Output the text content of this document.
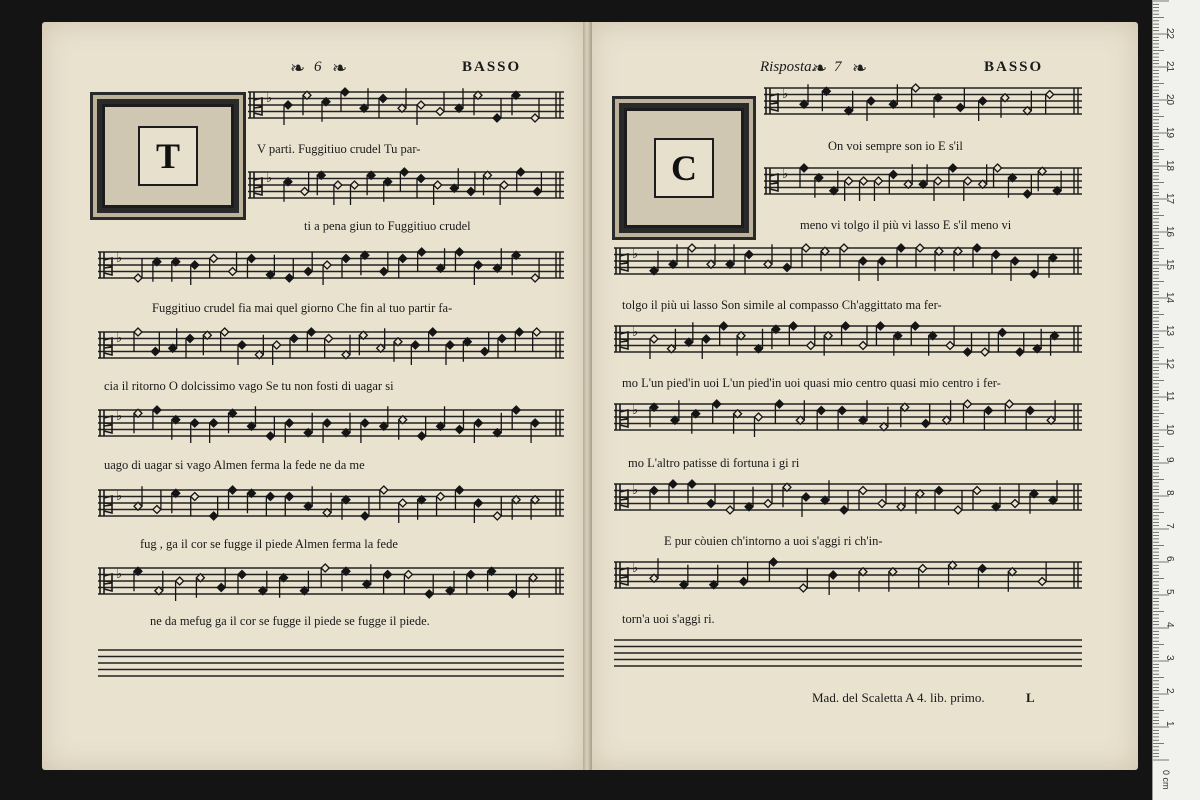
❧ 6 ❧	BASSO
T	V parti. Fuggitiuo crudel Tu par-
ti a pena giun to Fuggitiuo crudel
Fuggitiuo crudel fia mai quel giorno Che fin al tuo partir fa-
cia il ritorno O dolcissimo vago Se tu non fosti di uagar si
uago di uagar si vago Almen ferma la fede ne da me
fug , ga il cor se fugge il piede Almen ferma la fede
ne da mefug ga il cor se fugge il piede se fugge il piede.
Risposta.
❧ 7 ❧	BASSO
C
On voi sempre son io E s'il
meno vi tolgo il più vi lasso E s'il meno vi
tolgo il più ui lasso Son simile al compasso Ch'aggittato ma fer-
mo L'un pied'in uoi L'un pied'in uoi quasi mio centro quasi mio centro i fer-
mo L'altro patisse di fortuna i gi ri
E pur còuien ch'intorno a uoi s'aggi ri ch'in-
torn'a uoi s'aggi ri.
Mad. del Scaletta A 4. lib. primo.	L
0 cm
1
2
3
4
5
6
7
8
9
10
11
12
13
14
15
16
17
18
19
20
21
22
♭
♭
♭
♭
♭
♭
♭
♭
♭
♭
♭
♭
♭
♭
